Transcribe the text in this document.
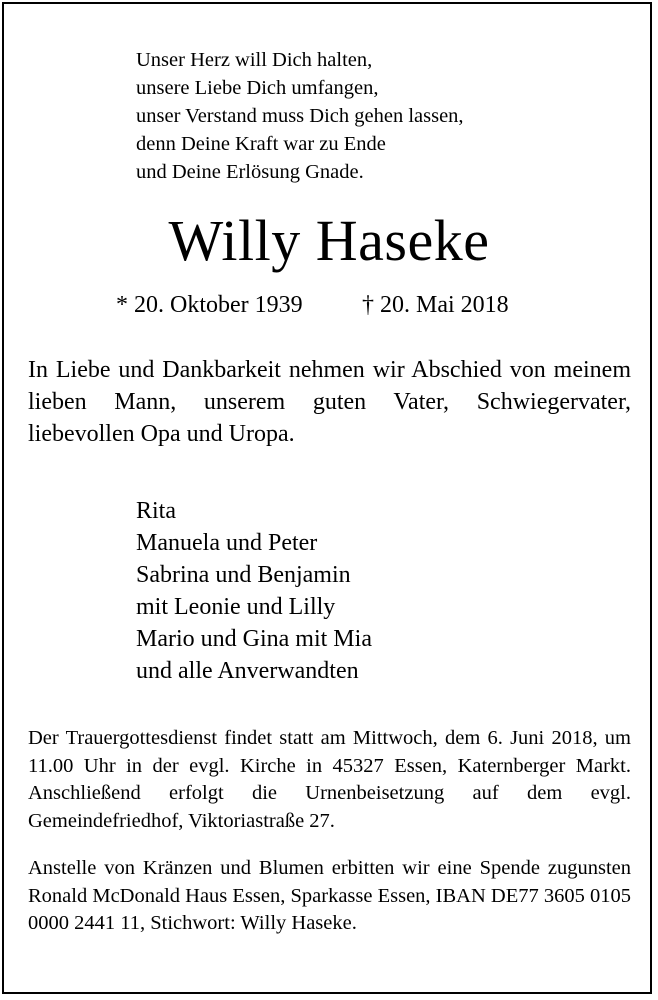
Unser Herz will Dich halten,
unsere Liebe Dich umfangen,
unser Verstand muss Dich gehen lassen,
denn Deine Kraft war zu Ende
und Deine Erlösung Gnade.
Willy Haseke
* 20. Oktober 1939 † 20. Mai 2018
In Liebe und Dankbarkeit nehmen wir Abschied von meinem lieben Mann, unserem guten Vater, Schwiegervater, liebevollen Opa und Uropa.
Rita
Manuela und Peter
Sabrina und Benjamin
mit Leonie und Lilly
Mario und Gina mit Mia
und alle Anverwandten
Der Trauergottesdienst findet statt am Mittwoch, dem 6. Juni 2018, um 11.00 Uhr in der evgl. Kirche in 45327 Essen, Katernberger Markt. Anschließend erfolgt die Urnenbeisetzung auf dem evgl. Gemeindefriedhof, Viktoriastraße 27.
Anstelle von Kränzen und Blumen erbitten wir eine Spende zugunsten Ronald McDonald Haus Essen, Sparkasse Essen, IBAN DE77 3605 0105 0000 2441 11, Stichwort: Willy Haseke.
